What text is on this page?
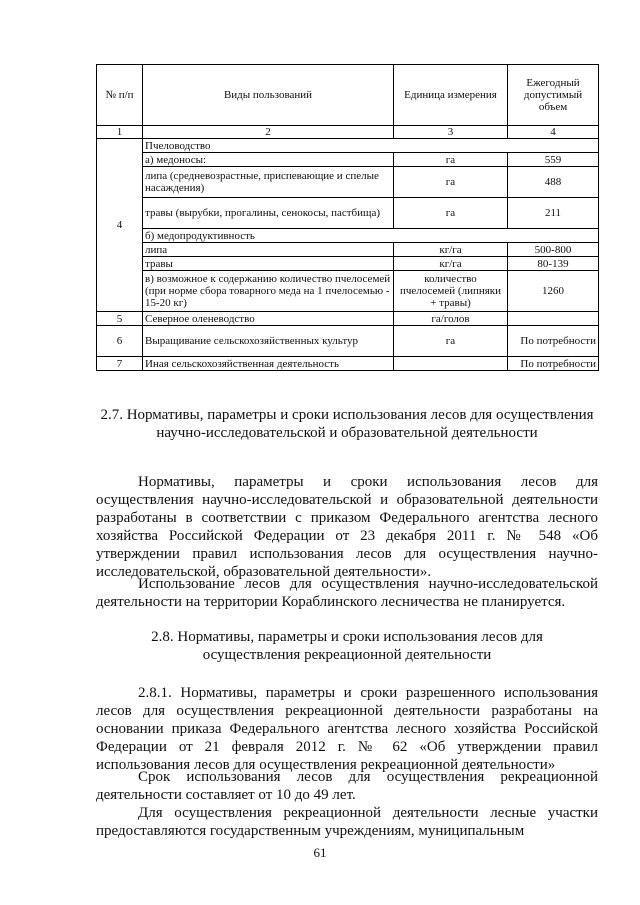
№ п/п	Виды пользований	Единица измерения	Ежегодный допустимый объем
1	2	3	4
4	Пчеловодство		
	а) медоносы:	га	559
	липа (средневозрастные, приспевающие и спелые насаждения)	га	488
	травы (вырубки, прогалины, сенокосы, пастбища)	га	211
	б) медопродуктивность		
	липа	кг/га	500-800
	травы	кг/га	80-139
	в) возможное к содержанию количество пчелосемей (при норме сбора товарного меда на 1 пчелосемью - 15-20 кг)	количество пчелосемей (липняки + травы)	1260
5	Северное оленеводство	га/голов	
6	Выращивание сельскохозяйственных культур	га	По потребности
7	Иная сельскохозяйственная деятельность		По потребности
2.7. Нормативы, параметры и сроки использования лесов для осуществления научно-исследовательской и образовательной деятельности
Нормативы, параметры и сроки использования лесов для осуществления научно-исследовательской и образовательной деятельности разработаны в соответствии с приказом Федерального агентства лесного хозяйства Российской Федерации от 23 декабря 2011 г. № 548 «Об утверждении правил использования лесов для осуществления научно-исследовательской, образовательной деятельности».
Использование лесов для осуществления научно-исследовательской деятельности на территории Кораблинского лесничества не планируется.
2.8. Нормативы, параметры и сроки использования лесов для осуществления рекреационной деятельности
2.8.1. Нормативы, параметры и сроки разрешенного использования лесов для осуществления рекреационной деятельности разработаны на основании приказа Федерального агентства лесного хозяйства Российской Федерации от 21 февраля 2012 г. № 62 «Об утверждении правил использования лесов для осуществления рекреационной деятельности»
Срок использования лесов для осуществления рекреационной деятельности составляет от 10 до 49 лет.
Для осуществления рекреационной деятельности лесные участки предоставляются государственным учреждениям, муниципальным
61
